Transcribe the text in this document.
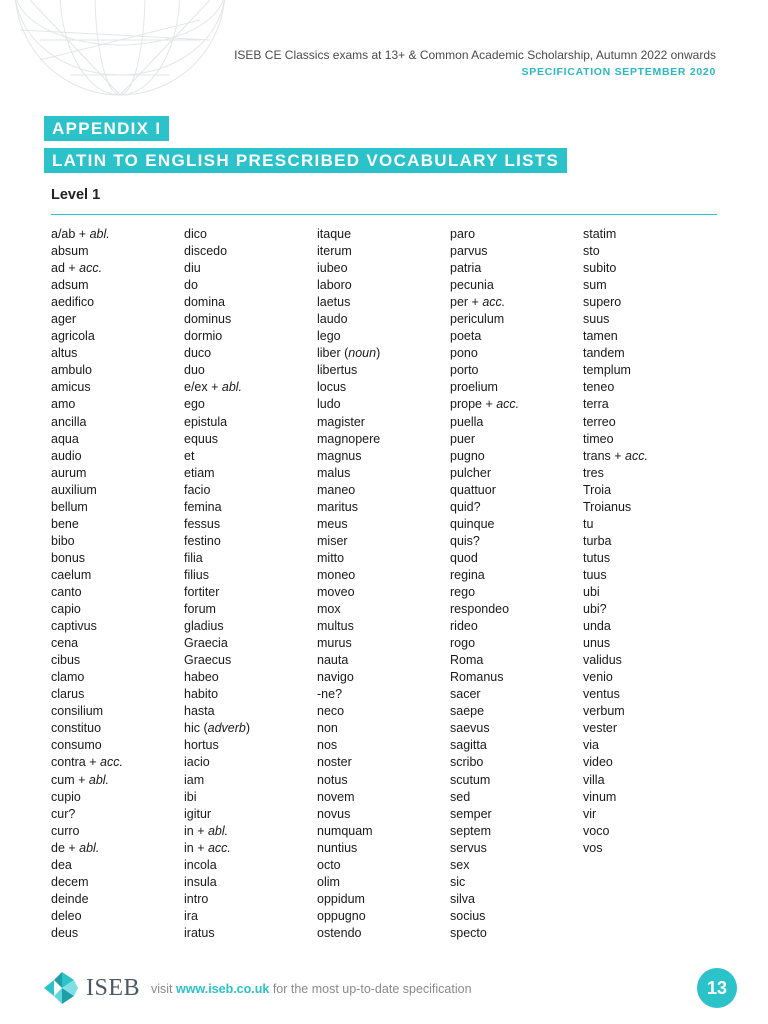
ISEB CE Classics exams at 13+ & Common Academic Scholarship, Autumn 2022 onwards
SPECIFICATION SEPTEMBER 2020
APPENDIX I
LATIN TO ENGLISH PRESCRIBED VOCABULARY LISTS
Level 1
a/ab + abl.
absum
ad + acc.
adsum
aedifico
ager
agricola
altus
ambulo
amicus
amo
ancilla
aqua
audio
aurum
auxilium
bellum
bene
bibo
bonus
caelum
canto
capio
captivus
cena
cibus
clamo
clarus
consilium
constituo
consumo
contra + acc.
cum + abl.
cupio
cur?
curro
de + abl.
dea
decem
deinde
deleo
deus
dico
discedo
diu
do
domina
dominus
dormio
duco
duo
e/ex + abl.
ego
epistula
equus
et
etiam
facio
femina
fessus
festino
filia
filius
fortiter
forum
gladius
Graecia
Graecus
habeo
habito
hasta
hic (adverb)
hortus
iacio
iam
ibi
igitur
in + abl.
in + acc.
incola
insula
intro
ira
iratus
itaque
iterum
iubeo
laboro
laetus
laudo
lego
liber (noun)
libertus
locus
ludo
magister
magnopere
magnus
malus
maneo
maritus
meus
miser
mitto
moneo
moveo
mox
multus
murus
nauta
navigo
-ne?
neco
non
nos
noster
notus
novem
novus
numquam
nuntius
octo
olim
oppidum
oppugno
ostendo
paro
parvus
patria
pecunia
per + acc.
periculum
poeta
pono
porto
proelium
prope + acc.
puella
puer
pugno
pulcher
quattuor
quid?
quinque
quis?
quod
regina
rego
respondeo
rideo
rogo
Roma
Romanus
sacer
saepe
saevus
sagitta
scribo
scutum
sed
semper
septem
servus
sex
sic
silva
socius
specto
statim
sto
subito
sum
supero
suus
tamen
tandem
templum
teneo
terra
terreo
timeo
trans + acc.
tres
Troia
Troianus
tu
turba
tutus
tuus
ubi
ubi?
unda
unus
validus
venio
ventus
verbum
vester
via
video
villa
vinum
vir
voco
vos
ISEB visit www.iseb.co.uk for the most up-to-date specification	13
